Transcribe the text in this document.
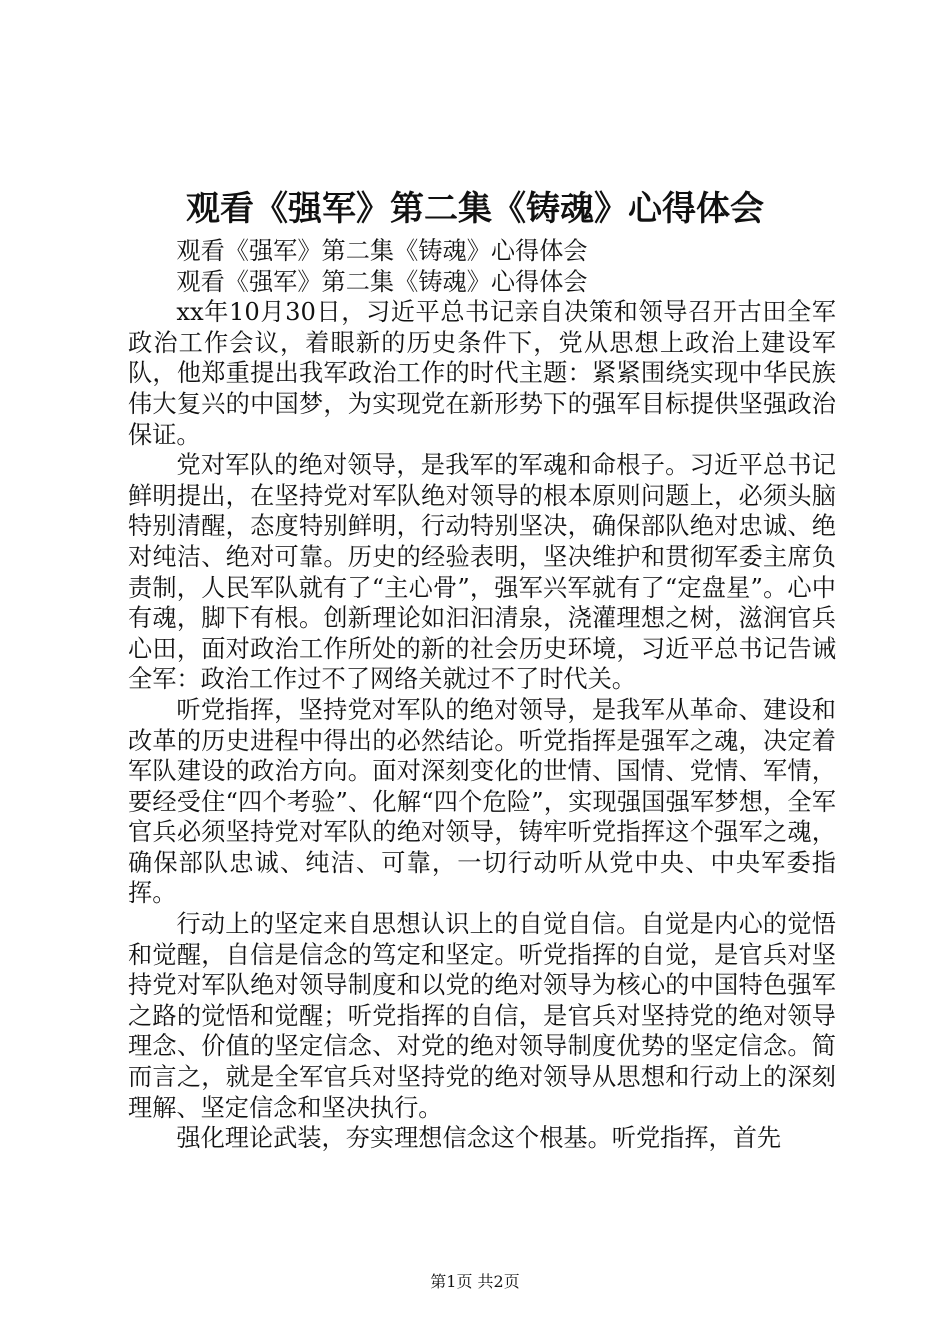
观看《强军》第二集《铸魂》心得体会

观看《强军》第二集《铸魂》心得体会

观看《强军》第二集《铸魂》心得体会

xx年10月30日，习近平总书记亲自决策和领导召开古田全军政治工作会议，着眼新的历史条件下，党从思想上政治上建设军队，他郑重提出我军政治工作的时代主题：紧紧围绕实现中华民族伟大复兴的中国梦，为实现党在新形势下的强军目标提供坚强政治保证。

党对军队的绝对领导，是我军的军魂和命根子。习近平总书记鲜明提出，在坚持党对军队绝对领导的根本原则问题上，必须头脑特别清醒，态度特别鲜明，行动特别坚决，确保部队绝对忠诚、绝对纯洁、绝对可靠。历史的经验表明，坚决维护和贯彻军委主席负责制，人民军队就有了“主心骨”，强军兴军就有了“定盘星”。心中有魂，脚下有根。创新理论如汩汩清泉，浇灌理想之树，滋润官兵心田，面对政治工作所处的新的社会历史环境，习近平总书记告诫全军：政治工作过不了网络关就过不了时代关。

听党指挥，坚持党对军队的绝对领导，是我军从革命、建设和改革的历史进程中得出的必然结论。听党指挥是强军之魂，决定着军队建设的政治方向。面对深刻变化的世情、国情、党情、军情，要经受住“四个考验”、化解“四个危险”，实现强国强军梦想，全军官兵必须坚持党对军队的绝对领导，铸牢听党指挥这个强军之魂，确保部队忠诚、纯洁、可靠，一切行动听从党中央、中央军委指挥。

行动上的坚定来自思想认识上的自觉自信。自觉是内心的觉悟和觉醒，自信是信念的笃定和坚定。听党指挥的自觉，是官兵对坚持党对军队绝对领导制度和以党的绝对领导为核心的中国特色强军之路的觉悟和觉醒；听党指挥的自信，是官兵对坚持党的绝对领导理念、价值的坚定信念、对党的绝对领导制度优势的坚定信念。简而言之，就是全军官兵对坚持党的绝对领导从思想和行动上的深刻理解、坚定信念和坚决执行。

强化理论武装，夯实理想信念这个根基。听党指挥，首先

第1页 共2页
